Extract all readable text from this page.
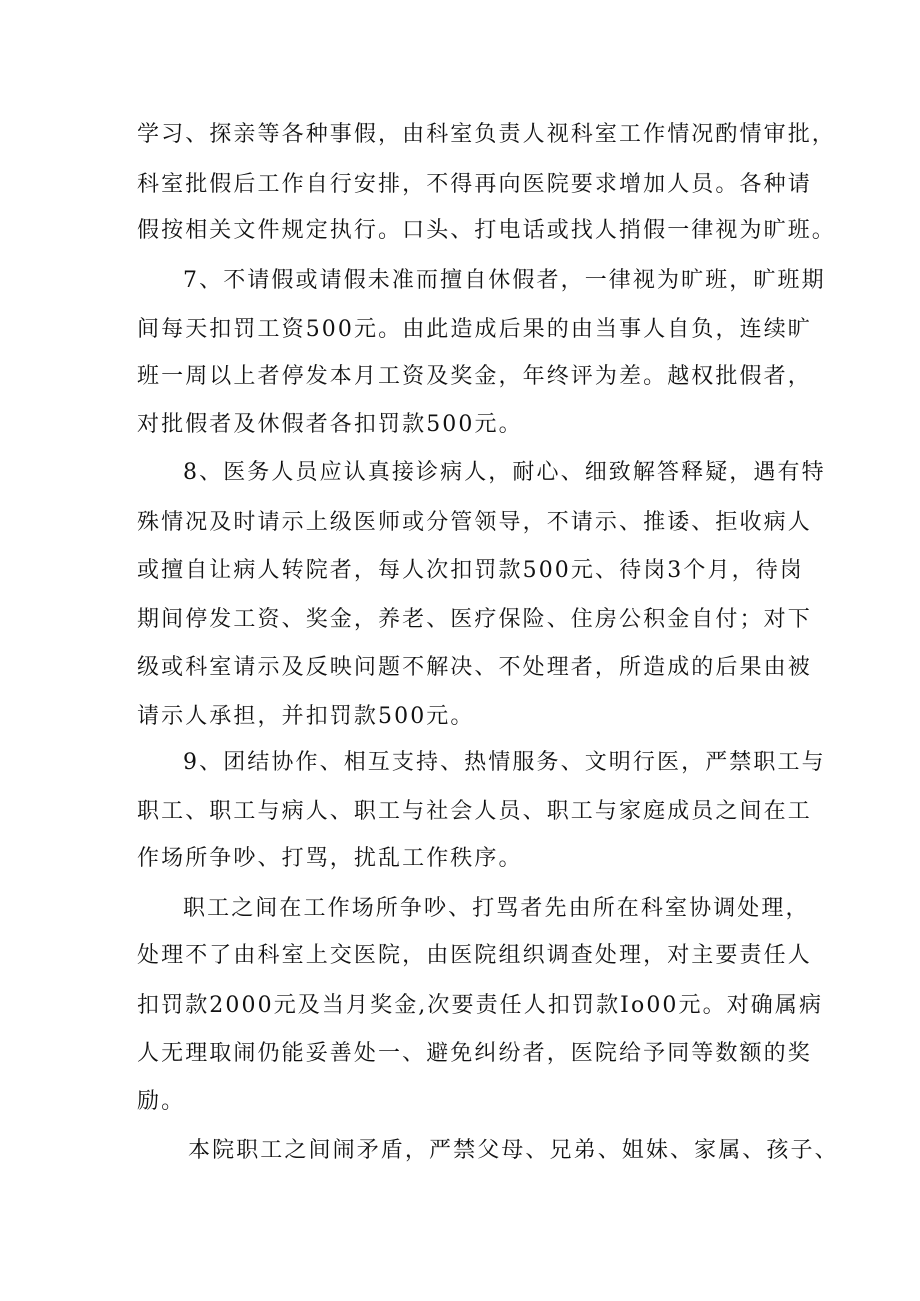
学习、探亲等各种事假，由科室负责人视科室工作情况酌情审批，
科室批假后工作自行安排，不得再向医院要求增加人员。各种请
假按相关文件规定执行。口头、打电话或找人捎假一律视为旷班。
7、不请假或请假未准而擅自休假者，一律视为旷班，旷班期
间每天扣罚工资500元。由此造成后果的由当事人自负，连续旷
班一周以上者停发本月工资及奖金，年终评为差。越权批假者，
对批假者及休假者各扣罚款500元。
8、医务人员应认真接诊病人，耐心、细致解答释疑，遇有特
殊情况及时请示上级医师或分管领导，不请示、推诿、拒收病人
或擅自让病人转院者，每人次扣罚款500元、待岗3个月，待岗
期间停发工资、奖金，养老、医疗保险、住房公积金自付；对下
级或科室请示及反映问题不解决、不处理者，所造成的后果由被
请示人承担，并扣罚款500元。
9、团结协作、相互支持、热情服务、文明行医，严禁职工与
职工、职工与病人、职工与社会人员、职工与家庭成员之间在工
作场所争吵、打骂，扰乱工作秩序。
职工之间在工作场所争吵、打骂者先由所在科室协调处理，
处理不了由科室上交医院，由医院组织调查处理，对主要责任人
扣罚款2000元及当月奖金,次要责任人扣罚款Io00元。对确属病
人无理取闹仍能妥善处一、避免纠纷者，医院给予同等数额的奖
励。
本院职工之间闹矛盾，严禁父母、兄弟、姐妹、家属、孩子、
